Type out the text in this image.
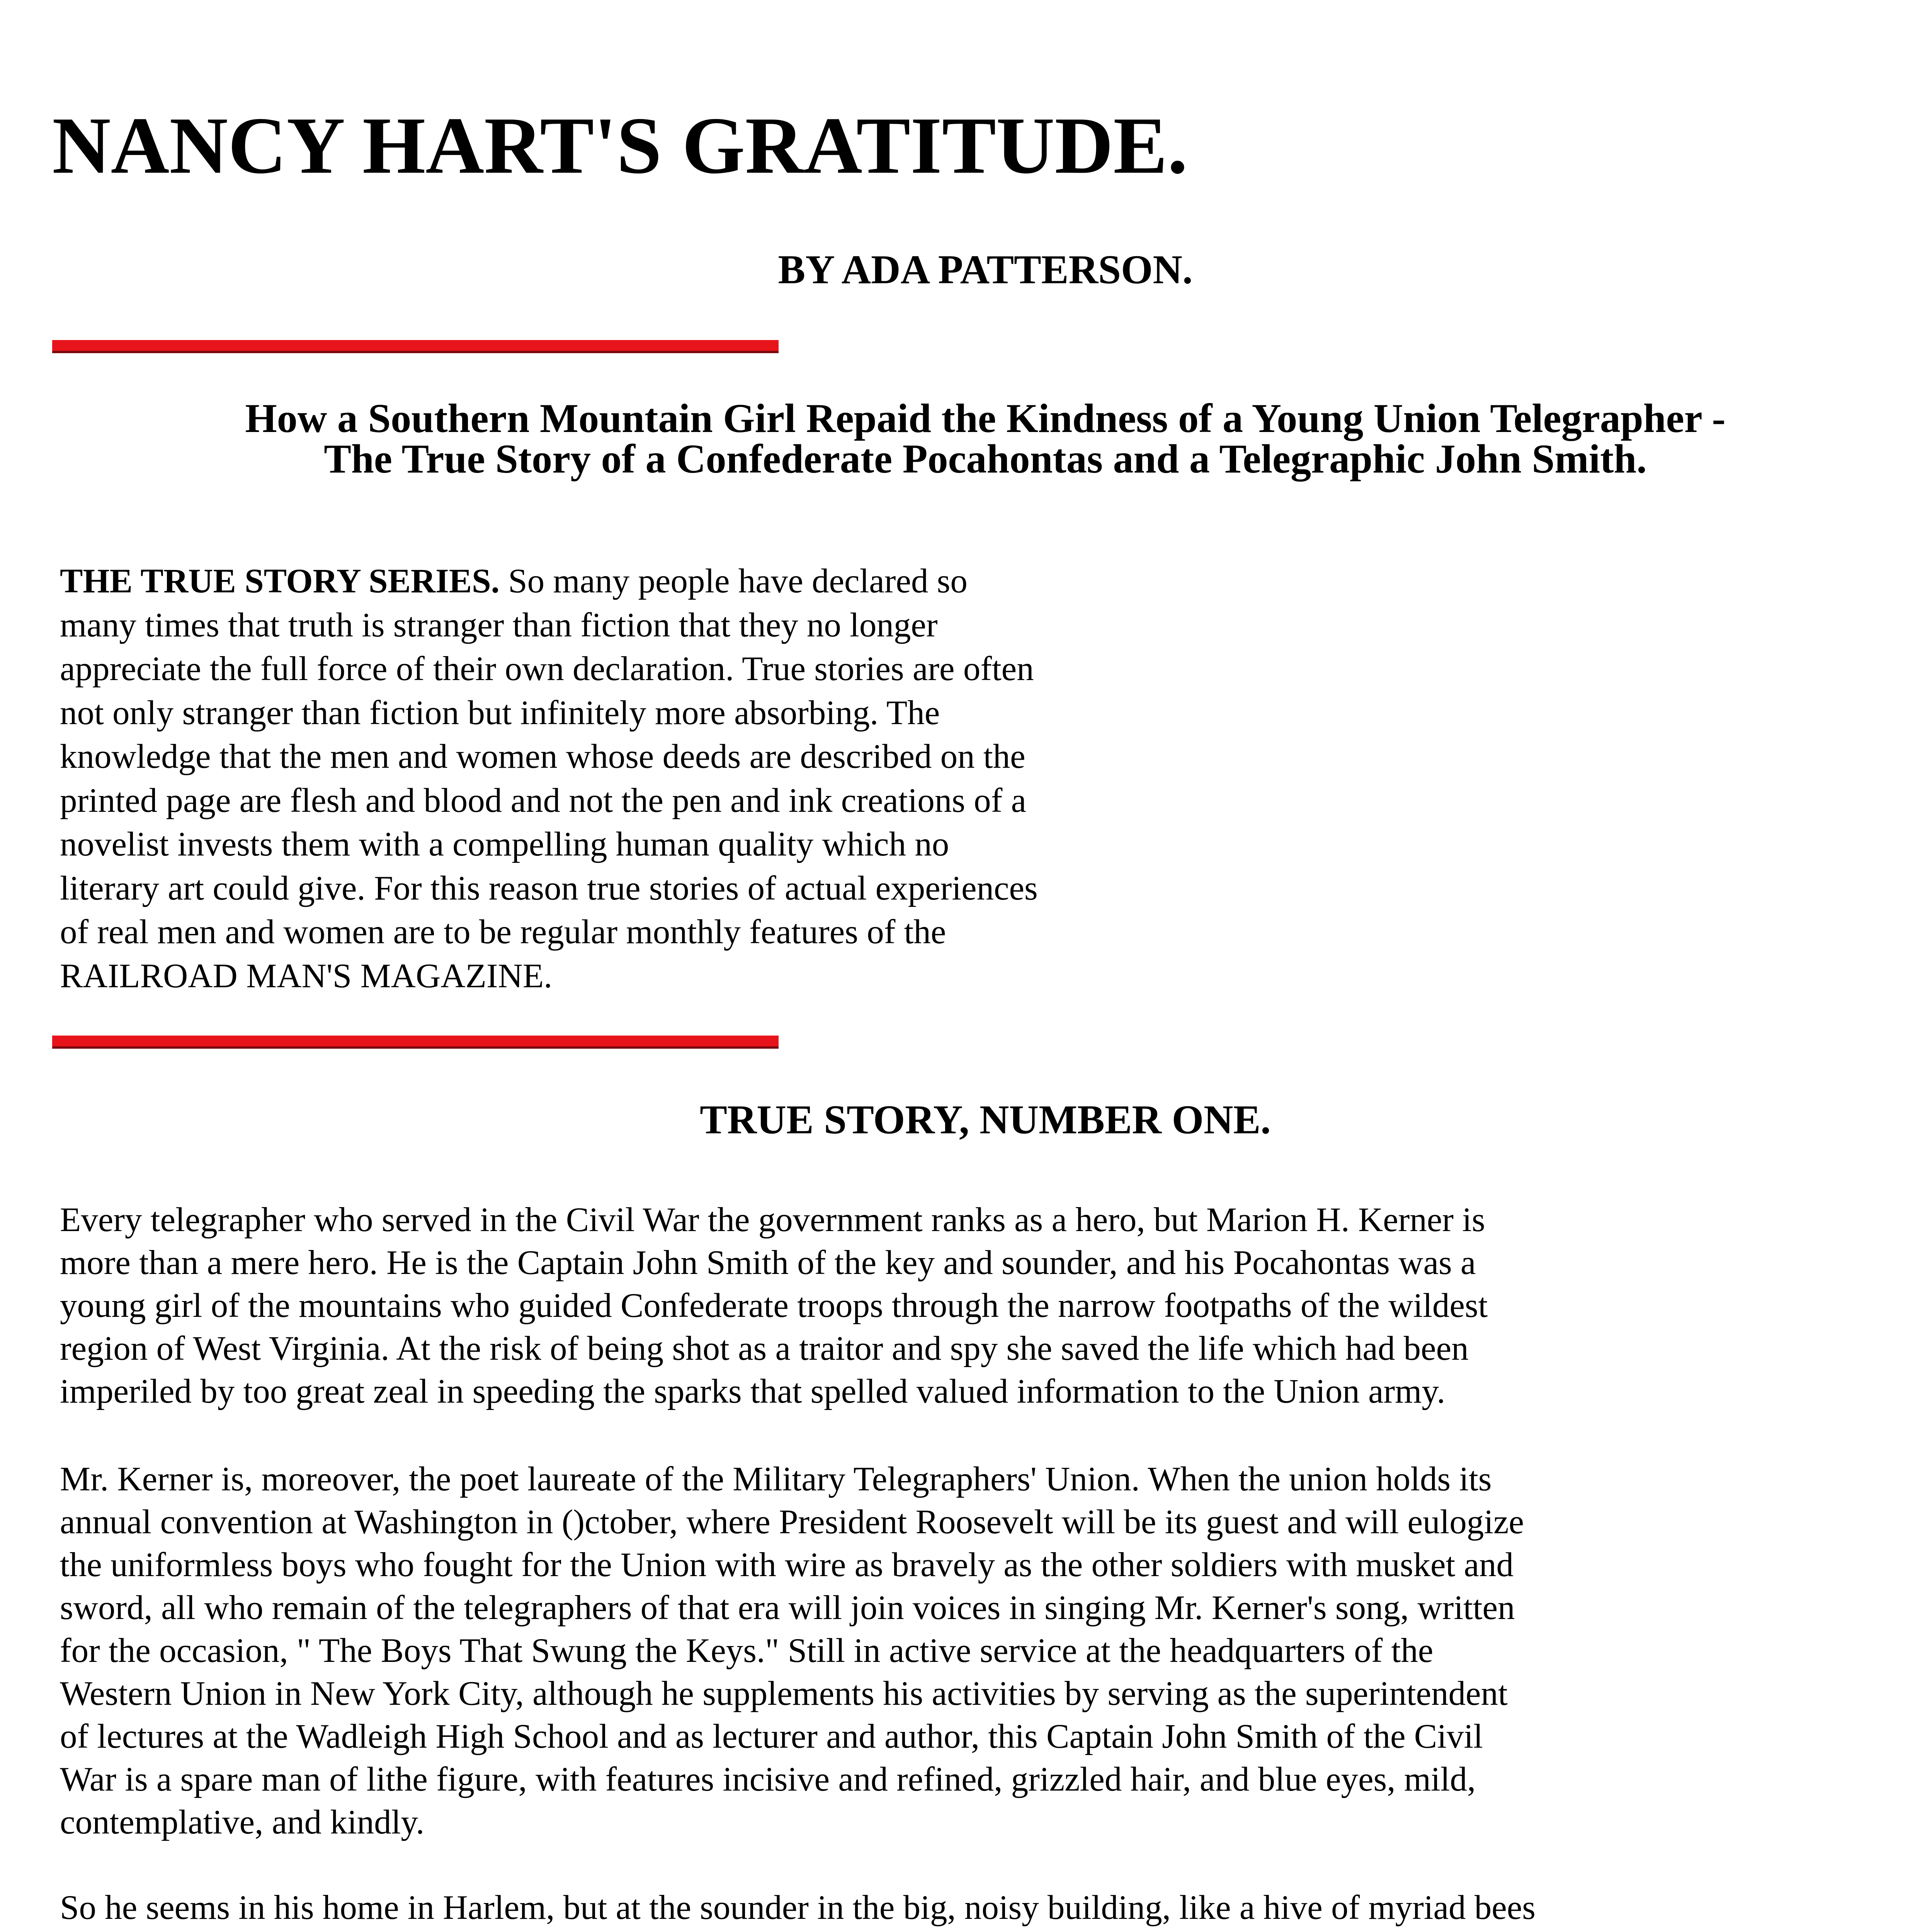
NANCY HART'S GRATITUDE.
BY ADA PATTERSON.
How a Southern Mountain Girl Repaid the Kindness of a Young Union Telegrapher -
The True Story of a Confederate Pocahontas and a Telegraphic John Smith.
THE TRUE STORY SERIES. So many people have declared so
many times that truth is stranger than fiction that they no longer
appreciate the full force of their own declaration. True stories are often
not only stranger than fiction but infinitely more absorbing. The
knowledge that the men and women whose deeds are described on the
printed page are flesh and blood and not the pen and ink creations of a
novelist invests them with a compelling human quality which no
literary art could give. For this reason true stories of actual experiences
of real men and women are to be regular monthly features of the
RAILROAD MAN'S MAGAZINE.
TRUE STORY, NUMBER ONE.
Every telegrapher who served in the Civil War the government ranks as a hero, but Marion H. Kerner is
more than a mere hero. He is the Captain John Smith of the key and sounder, and his Pocahontas was a
young girl of the mountains who guided Confederate troops through the narrow footpaths of the wildest
region of West Virginia. At the risk of being shot as a traitor and spy she saved the life which had been
imperiled by too great zeal in speeding the sparks that spelled valued information to the Union army.
Mr. Kerner is, moreover, the poet laureate of the Military Telegraphers' Union. When the union holds its
annual convention at Washington in ()ctober, where President Roosevelt will be its guest and will eulogize
the uniformless boys who fought for the Union with wire as bravely as the other soldiers with musket and
sword, all who remain of the telegraphers of that era will join voices in singing Mr. Kerner's song, written
for the occasion, " The Boys That Swung the Keys." Still in active service at the headquarters of the
Western Union in New York City, although he supplements his activities by serving as the superintendent
of lectures at the Wadleigh High School and as lecturer and author, this Captain John Smith of the Civil
War is a spare man of lithe figure, with features incisive and refined, grizzled hair, and blue eyes, mild,
contemplative, and kindly.
So he seems in his home in Harlem, but at the sounder in the big, noisy building, like a hive of myriad bees
